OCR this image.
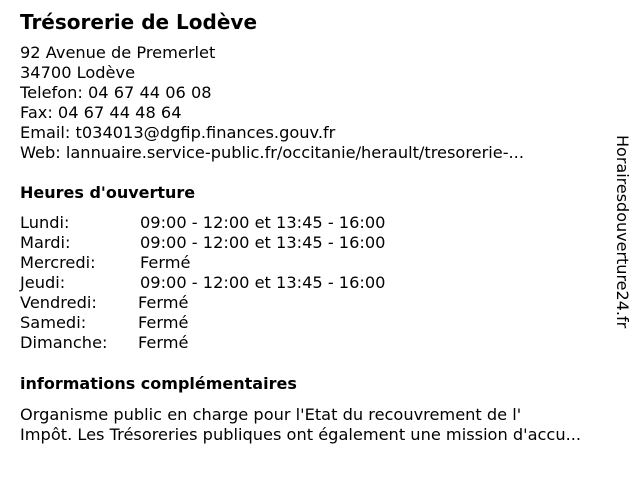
Trésorerie de Lodève
92 Avenue de Premerlet
34700 Lodève
Telefon: 04 67 44 06 08
Fax: 04 67 44 48 64
Email: t034013@dgfip.finances.gouv.fr
Web: lannuaire.service-public.fr/occitanie/herault/tresorerie-...
Heures d'ouverture
Lundi:	09:00 - 12:00 et 13:45 - 16:00
Mardi:	09:00 - 12:00 et 13:45 - 16:00
Mercredi:	Fermé
Jeudi:	09:00 - 12:00 et 13:45 - 16:00
Vendredi:	Fermé
Samedi:	Fermé
Dimanche: Fermé
informations complémentaires
Organisme public en charge pour l'Etat du recouvrement de l'
Impôt. Les Trésoreries publiques ont également une mission d'accu...
Horairesdouverture24.fr
